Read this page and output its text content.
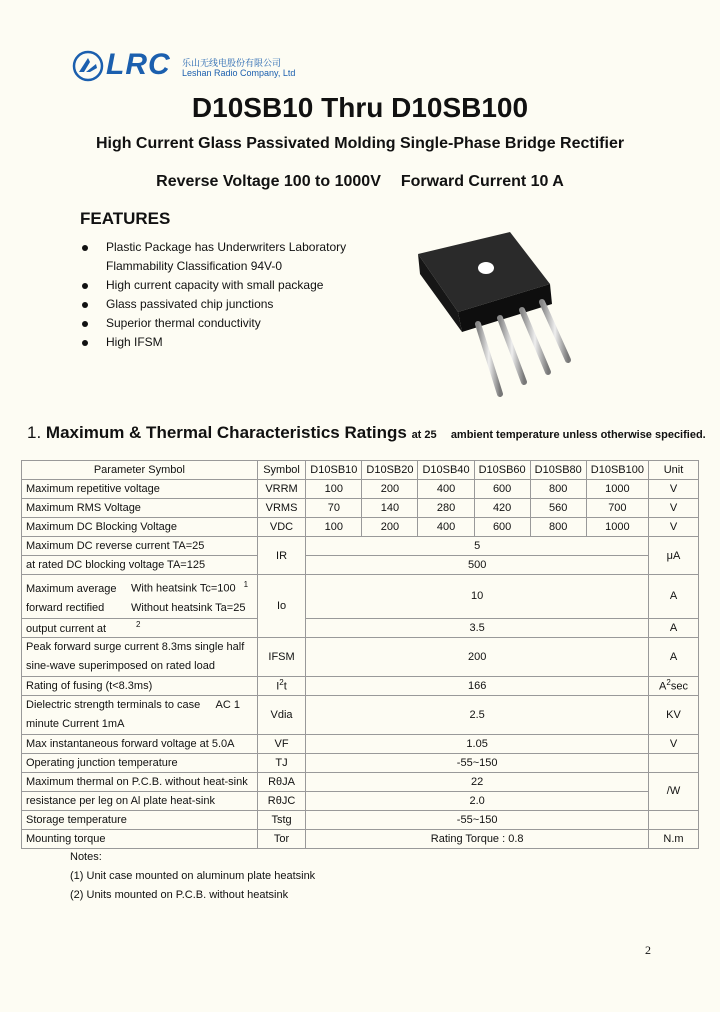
LRC 乐山无线电股份有限公司
Leshan Radio Company, Ltd
D10SB10 Thru D10SB100
High Current Glass Passivated Molding Single-Phase Bridge Rectifier
Reverse Voltage 100 to 1000V Forward Current 10 A
FEATURES
Plastic Package has Underwriters Laboratory
Flammability Classification 94V-0
High current capacity with small package
Glass passivated chip junctions
Superior thermal conductivity
High IFSM
1. Maximum & Thermal Characteristics Ratings at 25 ambient temperature unless otherwise specified.
Parameter Symbol	Symbol	D10SB10	D10SB20	D10SB40	D10SB60	D10SB80	D10SB100	Unit
Maximum repetitive voltage	VRRM	100	200	400	600	800	1000	V
Maximum RMS Voltage	VRMS	70	140	280	420	560	700	V
Maximum DC Blocking Voltage	VDC	100	200	400	600	800	1000	V
Maximum DC reverse current TA=25	IR	5						μA
at rated DC blocking voltage TA=125		500						
Maximum average With heatsink Tc=100 $^1$
forward rectified Without heatsink Ta=25	Io	10						A
output current at $^2$		3.5						A
Peak forward surge current 8.3ms single half
sine-wave superimposed on rated load	IFSM	200						A
Rating of fusing (t<8.3ms)	$I^2t$	166						$A^2\sec$
Dielectric strength terminals to case AC 1
minute Current 1mA	Vdia	2.5						KV
Max instantaneous forward voltage at 5.0A	VF	1.05						V
Operating junction temperature	TJ	-55~150						
Maximum thermal on P.C.B. without heat-sink	RθJA	22						/W
resistance per leg on Al plate heat-sink	RθJC	2.0						
Storage temperature	Tstg	-55~150						
Mounting torque	Tor	Rating Torque : 0.8						N.m
Notes:
(1) Unit case mounted on aluminum plate heatsink
(2) Units mounted on P.C.B. without heatsink
2
